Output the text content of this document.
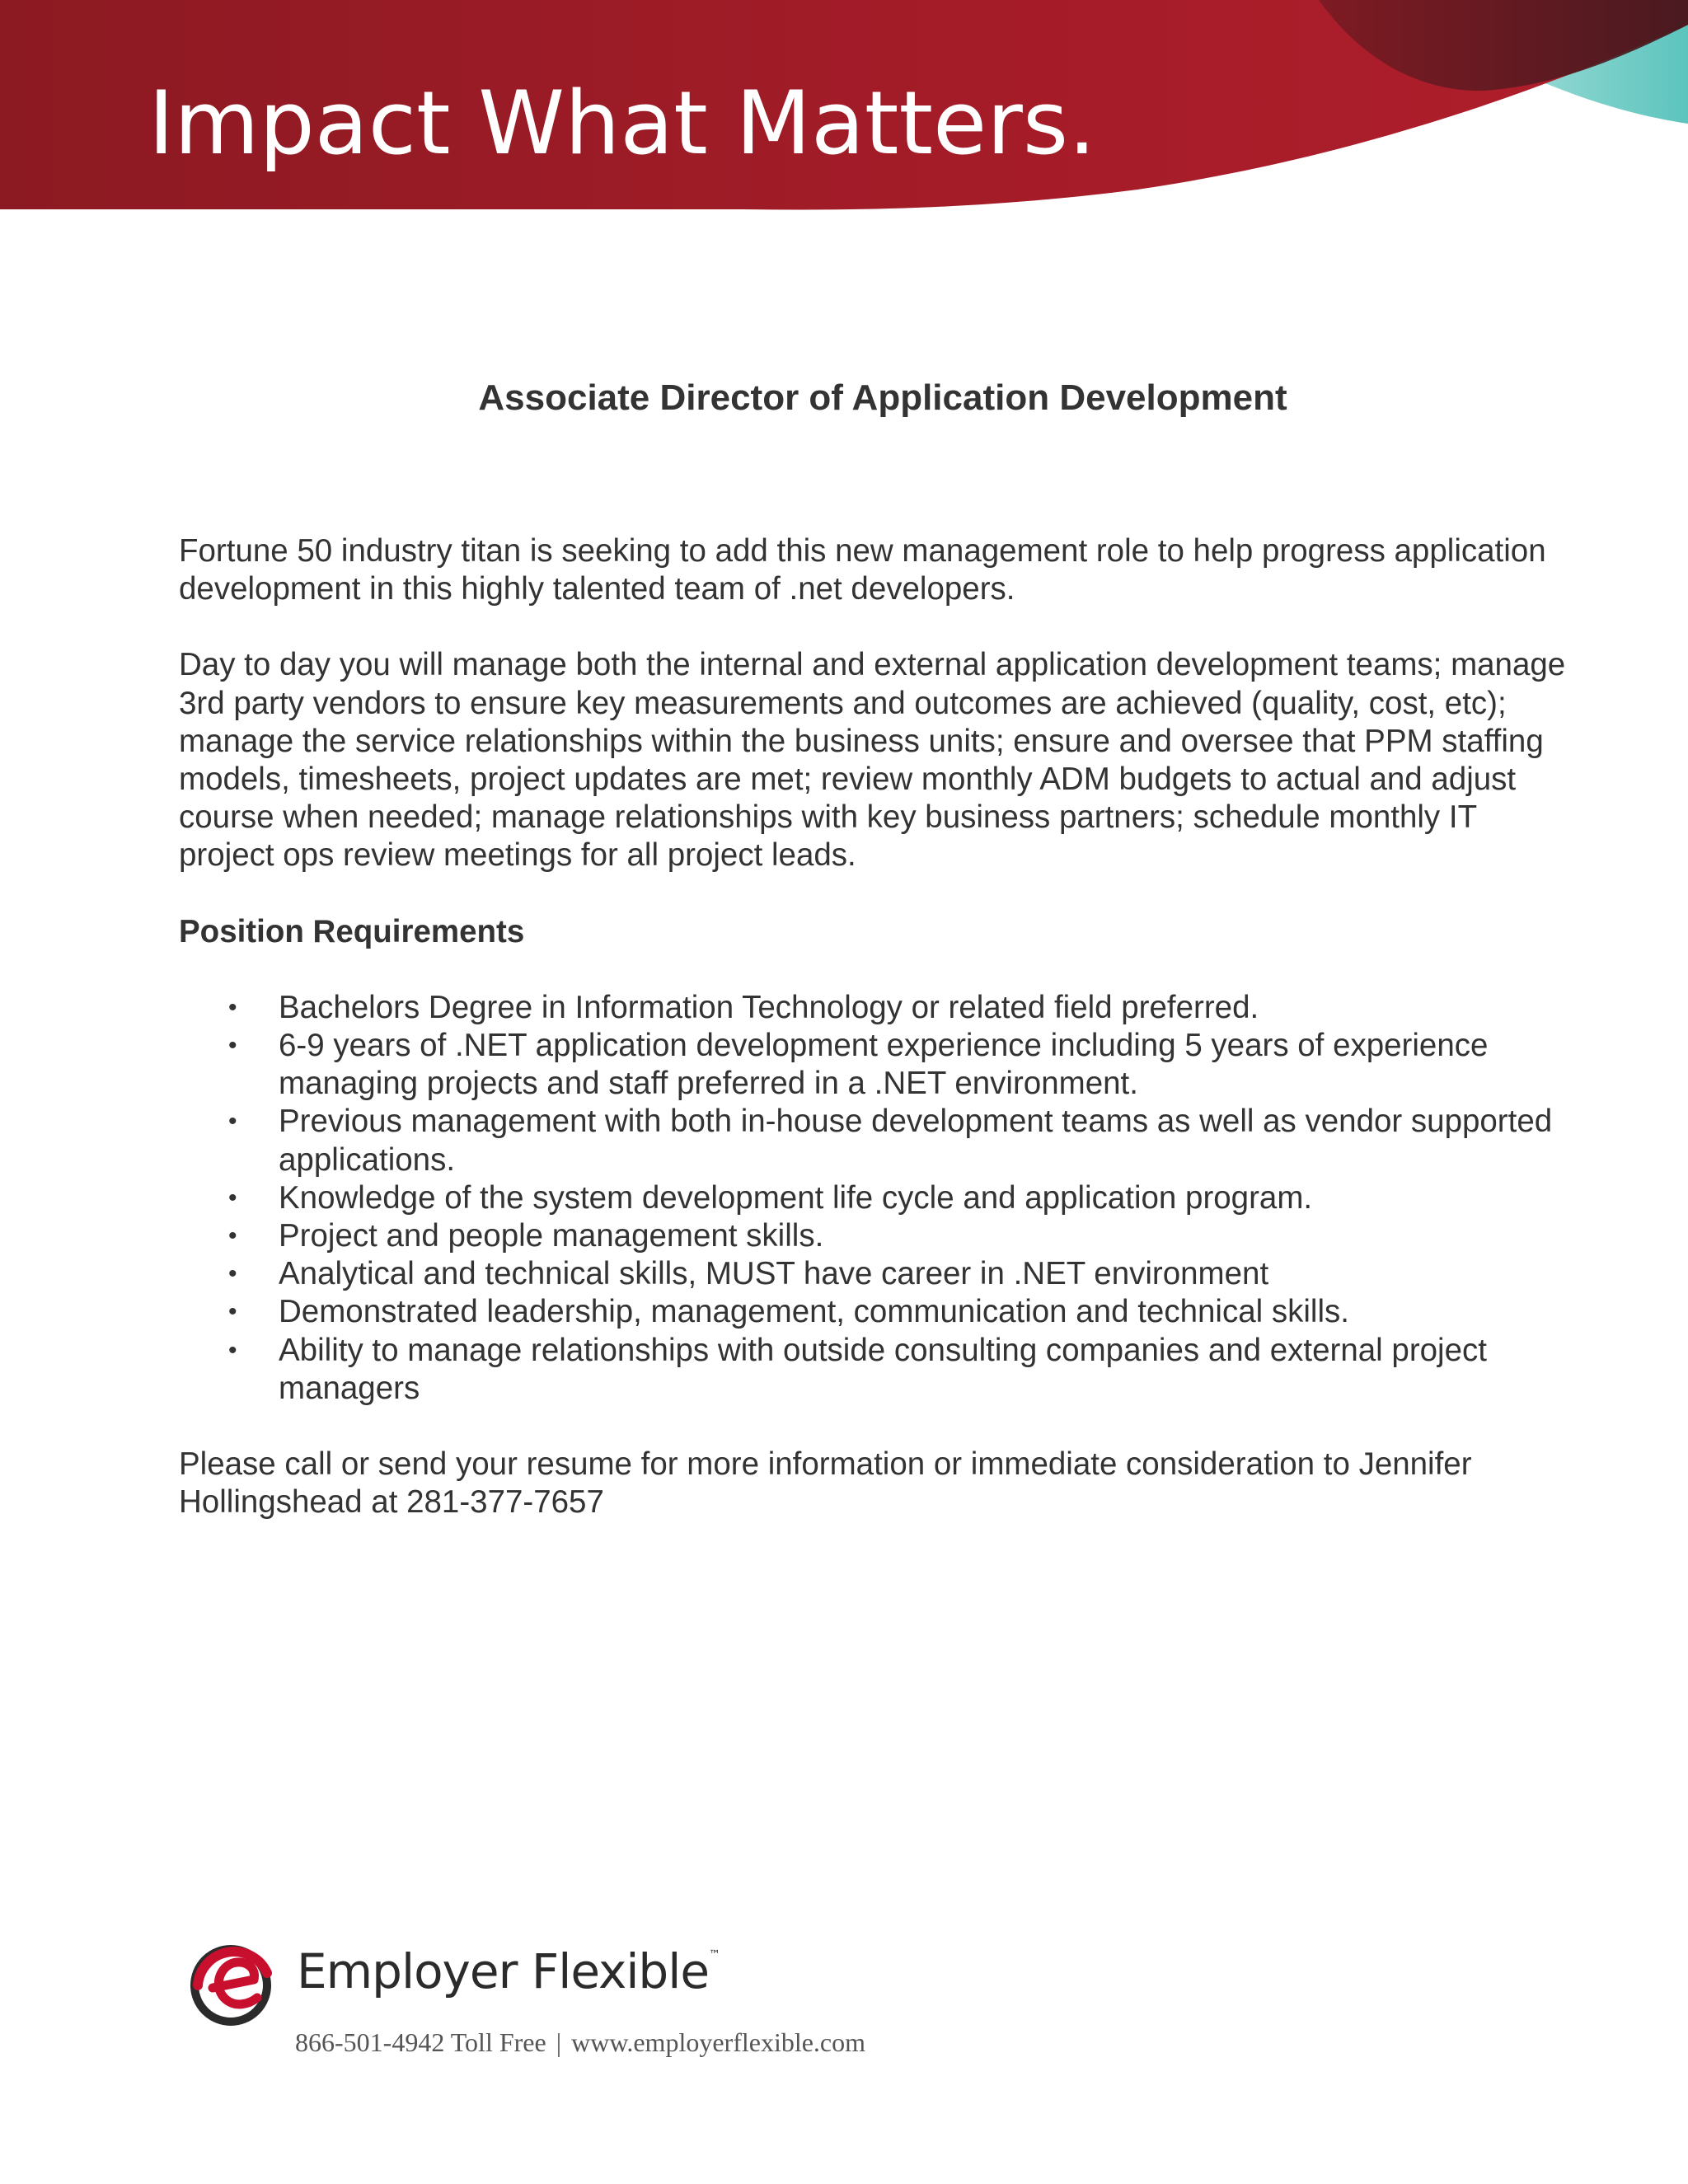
Impact What Matters.
Associate Director of Application Development

Fortune 50 industry titan is seeking to add this new management role to help progress application development in this highly talented team of .net developers.

Day to day you will manage both the internal and external application development teams; manage 3rd party vendors to ensure key measurements and outcomes are achieved (quality, cost, etc); manage the service relationships within the business units; ensure and oversee that PPM staffing models, timesheets, project updates are met; review monthly ADM budgets to actual and adjust course when needed; manage relationships with key business partners; schedule monthly IT project ops review meetings for all project leads.

Position Requirements
• Bachelors Degree in Information Technology or related field preferred.
• 6-9 years of .NET application development experience including 5 years of experience managing projects and staff preferred in a .NET environment.
• Previous management with both in-house development teams as well as vendor supported applications.
• Knowledge of the system development life cycle and application program.
• Project and people management skills.
• Analytical and technical skills, MUST have career in .NET environment
• Demonstrated leadership, management, communication and technical skills.
• Ability to manage relationships with outside consulting companies and external project managers

Please call or send your resume for more information or immediate consideration to Jennifer Hollingshead at 281-377-7657

Employer Flexible™

866-501-4942 Toll Free | www.employerflexible.com
